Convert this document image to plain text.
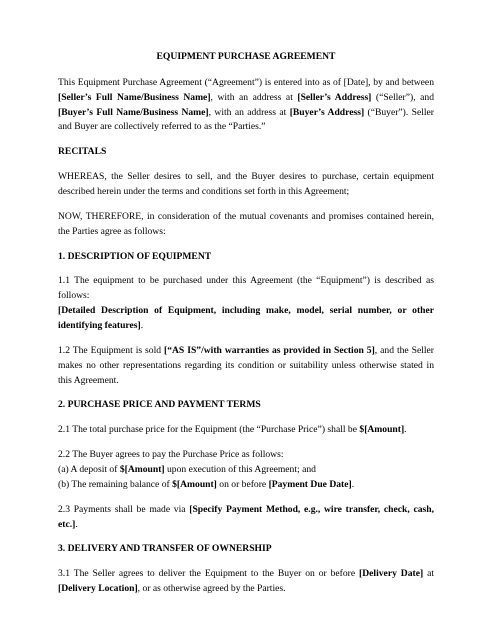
EQUIPMENT PURCHASE AGREEMENT

This Equipment Purchase Agreement (“Agreement”) is entered into as of [Date], by and between [Seller’s Full Name/Business Name], with an address at [Seller’s Address] (“Seller”), and [Buyer’s Full Name/Business Name], with an address at [Buyer’s Address] (“Buyer”). Seller and Buyer are collectively referred to as the “Parties.”

RECITALS

WHEREAS, the Seller desires to sell, and the Buyer desires to purchase, certain equipment described herein under the terms and conditions set forth in this Agreement;

NOW, THEREFORE, in consideration of the mutual covenants and promises contained herein, the Parties agree as follows:

1. DESCRIPTION OF EQUIPMENT

1.1 The equipment to be purchased under this Agreement (the “Equipment”) is described as follows:
[Detailed Description of Equipment, including make, model, serial number, or other identifying features].

1.2 The Equipment is sold [“AS IS”/with warranties as provided in Section 5], and the Seller makes no other representations regarding its condition or suitability unless otherwise stated in this Agreement.

2. PURCHASE PRICE AND PAYMENT TERMS

2.1 The total purchase price for the Equipment (the “Purchase Price”) shall be $[Amount].

2.2 The Buyer agrees to pay the Purchase Price as follows:
(a) A deposit of $[Amount] upon execution of this Agreement; and
(b) The remaining balance of $[Amount] on or before [Payment Due Date].

2.3 Payments shall be made via [Specify Payment Method, e.g., wire transfer, check, cash, etc.].

3. DELIVERY AND TRANSFER OF OWNERSHIP

3.1 The Seller agrees to deliver the Equipment to the Buyer on or before [Delivery Date] at [Delivery Location], or as otherwise agreed by the Parties.
